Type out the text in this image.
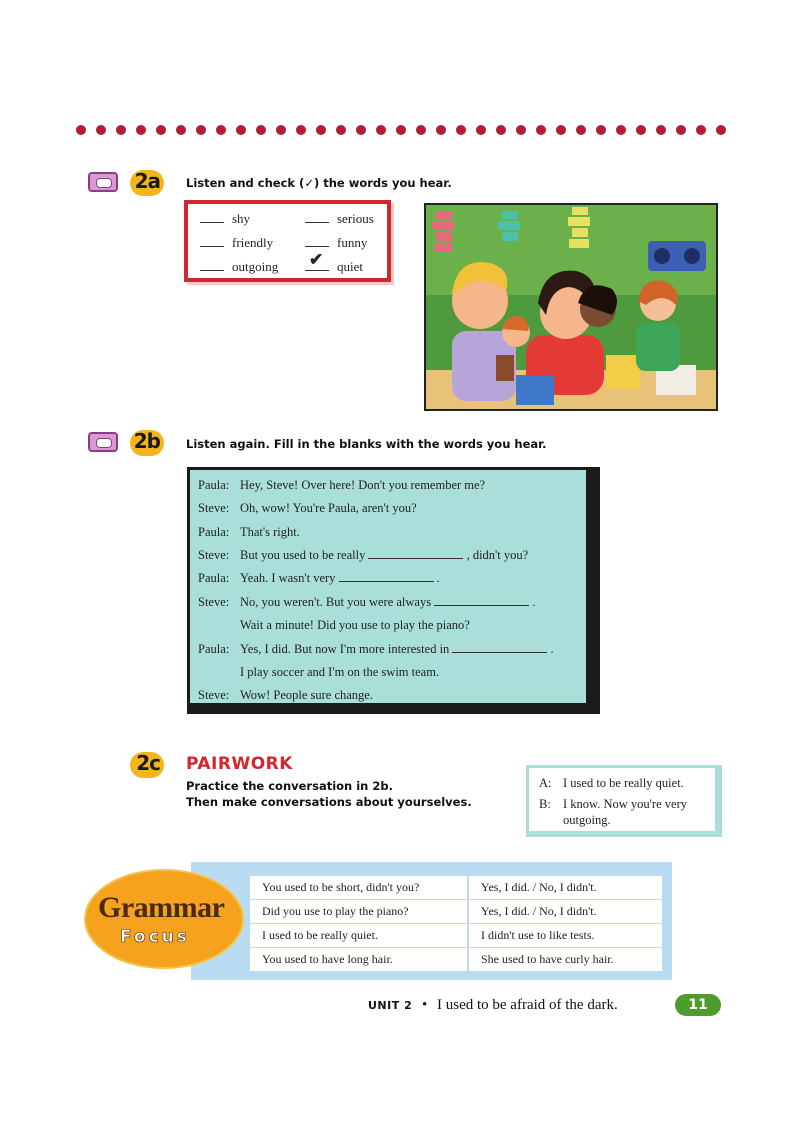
2a Listen and check (✓) the words you hear.
shy	serious
friendly	funny
outgoing ✔ quiet
2b Listen again. Fill in the blanks with the words you hear.
Paula: Hey, Steve! Over here! Don't you remember me?
Steve: Oh, wow! You're Paula, aren't you?
Paula: That's right.
Steve: But you used to be really	, didn't you?
Paula: Yeah. I wasn't very	.
Steve: No, you weren't. But you were always	.
Wait a minute! Did you use to play the piano?
Paula: Yes, I did. But now I'm more interested in	.
I play soccer and I'm on the swim team.
Steve: Wow! People sure change.
2c PAIRWORK
Practice the conversation in 2b.
Then make conversations about yourselves.
A: I used to be really quiet.
B: I know. Now you're very
outgoing.
You used to be short, didn't you?	Yes, I did. / No, I didn't.
Did you use to play the piano?	Yes, I did. / No, I didn't.
I used to be really quiet.	I didn't use to like tests.
You used to have long hair.	She used to have curly hair.
Grammar
Focus
UNIT 2 • I used to be afraid of the dark.	11
